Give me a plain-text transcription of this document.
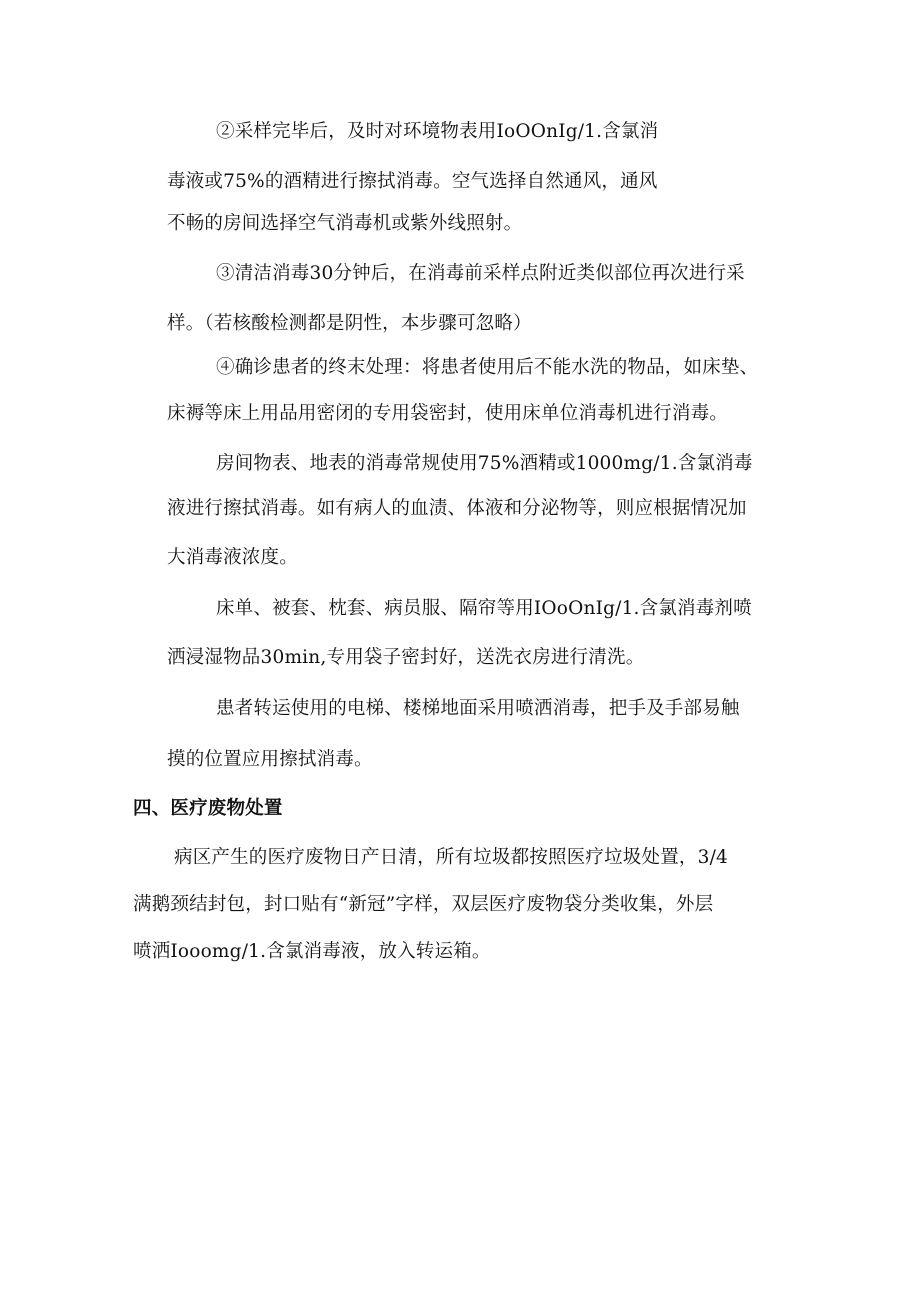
②采样完毕后，及时对环境物表用IoOOnIg/1.含氯消
毒液或75%的酒精进行擦拭消毒。空气选择自然通风，通风
不畅的房间选择空气消毒机或紫外线照射。
③清洁消毒30分钟后，在消毒前采样点附近类似部位再次进行采
样。（若核酸检测都是阴性，本步骤可忽略）
④确诊患者的终末处理：将患者使用后不能水洗的物品，如床垫、
床褥等床上用品用密闭的专用袋密封，使用床单位消毒机进行消毒。
房间物表、地表的消毒常规使用75%酒精或1000mg/1.含氯消毒
液进行擦拭消毒。如有病人的血渍、体液和分泌物等，则应根据情况加
大消毒液浓度。
床单、被套、枕套、病员服、隔帘等用IOoOnIg/1.含氯消毒剂喷
洒浸湿物品30min,专用袋子密封好，送洗衣房进行清洗。
患者转运使用的电梯、楼梯地面采用喷洒消毒，把手及手部易触
摸的位置应用擦拭消毒。
四、医疗废物处置
病区产生的医疗废物日产日清，所有垃圾都按照医疗垃圾处置，3/4
满鹅颈结封包，封口贴有“新冠”字样，双层医疗废物袋分类收集，外层
喷洒Iooomg/1.含氯消毒液，放入转运箱。
